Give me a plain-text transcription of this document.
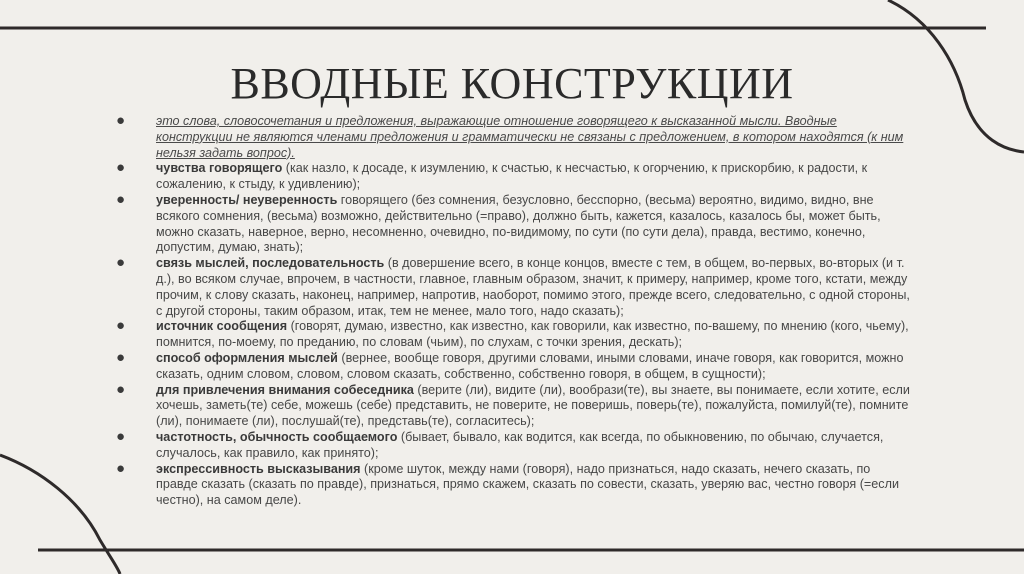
ВВОДНЫЕ КОНСТРУКЦИИ
● это слова, словосочетания и предложения, выражающие отношение говорящего к высказанной мысли. Вводные конструкции не являются членами предложения и грамматически не связаны с предложением, в котором находятся (к ним нельзя задать вопрос).
● чувства говорящего (как назло, к досаде, к изумлению, к счастью, к несчастью, к огорчению, к прискорбию, к радости, к сожалению, к стыду, к удивлению);
● уверенность/ неуверенность говорящего (без сомнения, безусловно, бесспорно, (весьма) вероятно, видимо, видно, вне всякого сомнения, (весьма) возможно, действительно (=право), должно быть, кажется, казалось, казалось бы, может быть, можно сказать, наверное, верно, несомненно, очевидно, по-видимому, по сути (по сути дела), правда, вестимо, конечно, допустим, думаю, знать);
● связь мыслей, последовательность (в довершение всего, в конце концов, вместе с тем, в общем, во-первых, во-вторых (и т. д.), во всяком случае, впрочем, в частности, главное, главным образом, значит, к примеру, например, кроме того, кстати, между прочим, к слову сказать, наконец, например, напротив, наоборот, помимо этого, прежде всего, следовательно, с одной стороны, с другой стороны, таким образом, итак, тем не менее, мало того, надо сказать);
● источник сообщения (говорят, думаю, известно, как известно, как говорили, как известно, по-вашему, по мнению (кого, чьему), помнится, по-моему, по преданию, по словам (чьим), по слухам, с точки зрения, дескать);
● способ оформления мыслей (вернее, вообще говоря, другими словами, иными словами, иначе говоря, как говорится, можно сказать, одним словом, словом, словом сказать, собственно, собственно говоря, в общем, в сущности);
● для привлечения внимания собеседника (верите (ли), видите (ли), вообрази(те), вы знаете, вы понимаете, если хотите, если хочешь, заметь(те) себе, можешь (себе) представить, не поверите, не поверишь, поверь(те), пожалуйста, помилуй(те), помните (ли), понимаете (ли), послушай(те), представь(те), согласитесь);
● частотность, обычность сообщаемого (бывает, бывало, как водится, как всегда, по обыкновению, по обычаю, случается, случалось, как правило, как принято);
● экспрессивность высказывания (кроме шуток, между нами (говоря), надо признаться, надо сказать, нечего сказать, по правде сказать (сказать по правде), признаться, прямо скажем, сказать по совести, сказать, уверяю вас, честно говоря (=если честно), на самом деле).
